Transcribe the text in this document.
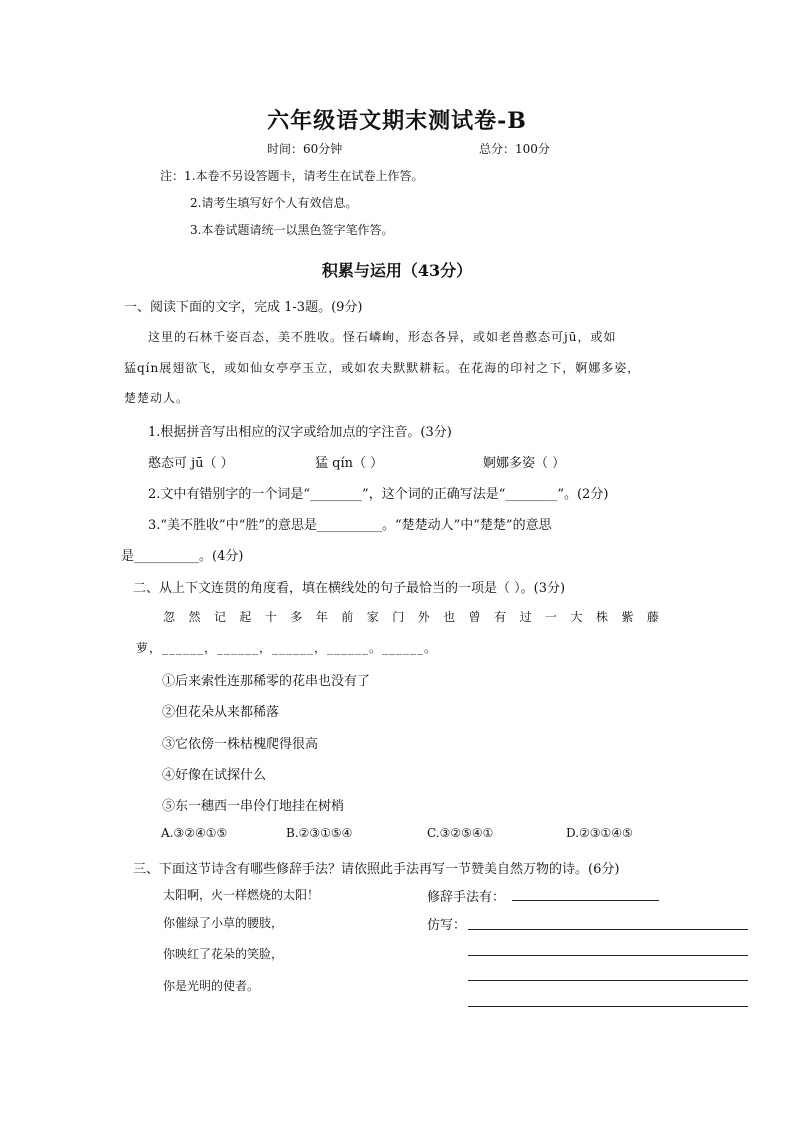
六年级语文期末测试卷-B
时间：60分钟	总分：100分
注：1.本卷不另设答题卡，请考生在试卷上作答。
2.请考生填写好个人有效信息。
3.本卷试题请统一以黑色签字笔作答。
积累与运用（43分）
一、阅读下面的文字，完成 1-3题。(9分)
这里的石林千姿百态，美不胜收。怪石嶙峋，形态各异，或如老兽憨态可jū，或如
猛qín展翅欲飞，或如仙女亭亭玉立，或如农夫默默耕耘。在花海的印衬之下，婀娜多姿，
楚楚动人。
1.根据拼音写出相应的汉字或给加点的字注音。(3分)
憨态可 jū（ ）	猛 qín（ ）	婀娜多姿（ ）
2.文中有错别字的一个词是“________”，这个词的正确写法是“________”。(2分)
3.“美不胜收”中“胜”的意思是__________。“楚楚动人”中“楚楚”的意思
是__________。(4分)
二、从上下文连贯的角度看，填在横线处的句子最恰当的一项是（ ）。(3分)
忽 然 记 起 十 多 年 前 家 门 外 也 曾 有 过 一 大 株 紫 藤
萝，______，______，______，______。______。
①后来索性连那稀零的花串也没有了
②但花朵从来都稀落
③它依傍一株枯槐爬得很高
④好像在试探什么
⑤东一穗西一串伶仃地挂在树梢
A.③②④①⑤	B.②③①⑤④	C.③②⑤④①	D.②③①④⑤
三、下面这节诗含有哪些修辞手法？请依照此手法再写一节赞美自然万物的诗。(6分)
太阳啊，火一样燃烧的太阳！
你催绿了小草的腰肢，
你映红了花朵的笑脸，
你是光明的使者。
修辞手法有：
仿写：
